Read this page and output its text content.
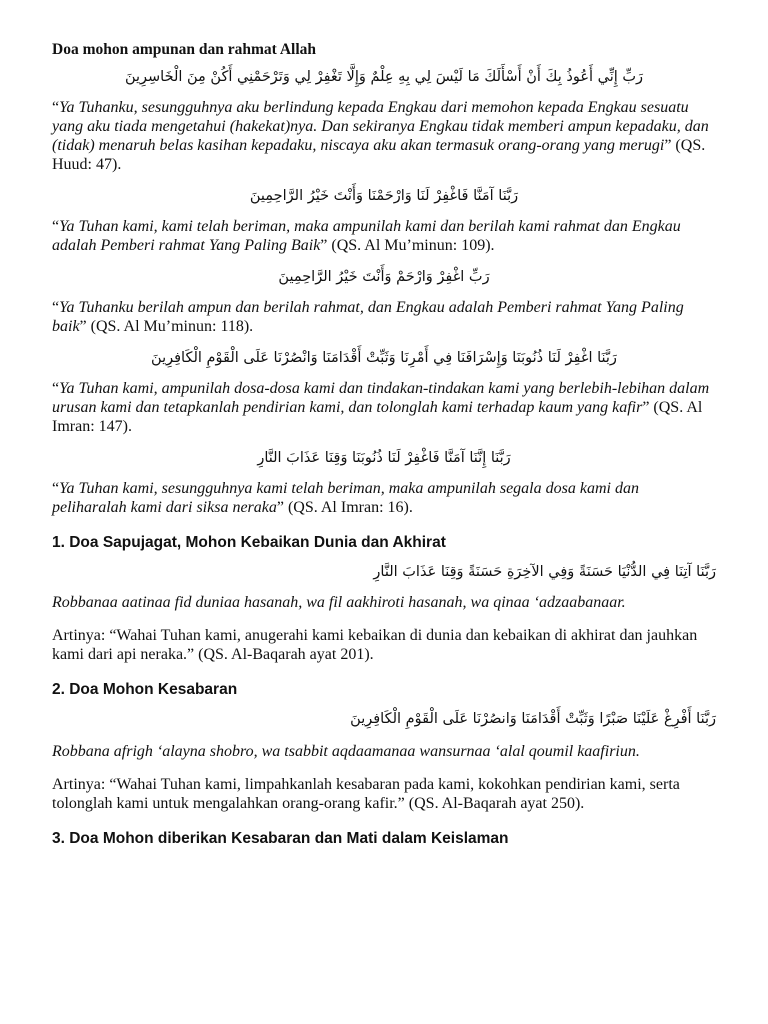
Doa mohon ampunan dan rahmat Allah

رَبِّ إِنِّي أَعُوذُ بِكَ أَنْ أَسْأَلَكَ مَا لَيْسَ لِي بِهِ عِلْمٌ وَإِلَّا تَغْفِرْ لِي وَتَرْحَمْنِي أَكُنْ مِنَ الْخَاسِرِينَ

“Ya Tuhanku, sesungguhnya aku berlindung kepada Engkau dari memohon kepada Engkau sesuatu yang aku tiada mengetahui (hakekat)nya. Dan sekiranya Engkau tidak memberi ampun kepadaku, dan (tidak) menaruh belas kasihan kepadaku, niscaya aku akan termasuk orang-orang yang merugi” (QS. Huud: 47).

رَبَّنَا آمَنَّا فَاغْفِرْ لَنَا وَارْحَمْنَا وَأَنْتَ خَيْرُ الرَّاحِمِينَ

“Ya Tuhan kami, kami telah beriman, maka ampunilah kami dan berilah kami rahmat dan Engkau adalah Pemberi rahmat Yang Paling Baik” (QS. Al Mu’minun: 109).

رَبِّ اغْفِرْ وَارْحَمْ وَأَنْتَ خَيْرُ الرَّاحِمِينَ

“Ya Tuhanku berilah ampun dan berilah rahmat, dan Engkau adalah Pemberi rahmat Yang Paling baik” (QS. Al Mu’minun: 118).

رَبَّنَا اغْفِرْ لَنَا ذُنُوبَنَا وَإِسْرَافَنَا فِي أَمْرِنَا وَثَبِّتْ أَقْدَامَنَا وَانْصُرْنَا عَلَى الْقَوْمِ الْكَافِرِينَ

“Ya Tuhan kami, ampunilah dosa-dosa kami dan tindakan-tindakan kami yang berlebih-lebihan dalam urusan kami dan tetapkanlah pendirian kami, dan tolonglah kami terhadap kaum yang kafir” (QS. Al Imran: 147).

رَبَّنَا إِنَّنَا آمَنَّا فَاغْفِرْ لَنَا ذُنُوبَنَا وَقِنَا عَذَابَ النَّارِ

“Ya Tuhan kami, sesungguhnya kami telah beriman, maka ampunilah segala dosa kami dan peliharalah kami dari siksa neraka” (QS. Al Imran: 16).

1. Doa Sapujagat, Mohon Kebaikan Dunia dan Akhirat

رَبَّنَا آتِنَا فِي الدُّنْيَا حَسَنَةً وَفِي الآخِرَةِ حَسَنَةً وَقِنَا عَذَابَ النَّارِ

Robbanaa aatinaa fid duniaa hasanah, wa fil aakhiroti hasanah, wa qinaa ‘adzaabanaar.

Artinya: “Wahai Tuhan kami, anugerahi kami kebaikan di dunia dan kebaikan di akhirat dan jauhkan kami dari api neraka.” (QS. Al-Baqarah ayat 201).

2. Doa Mohon Kesabaran

رَبَّنَا أَفْرِغْ عَلَيْنَا صَبْرًا وَثَبِّتْ أَقْدَامَنَا وَانصُرْنَا عَلَى الْقَوْمِ الْكَافِرِينَ

Robbana afrigh ‘alayna shobro, wa tsabbit aqdaamanaa wansurnaa ‘alal qoumil kaafiriun.

Artinya: “Wahai Tuhan kami, limpahkanlah kesabaran pada kami, kokohkan pendirian kami, serta tolonglah kami untuk mengalahkan orang-orang kafir.” (QS. Al-Baqarah ayat 250).

3. Doa Mohon diberikan Kesabaran dan Mati dalam Keislaman
